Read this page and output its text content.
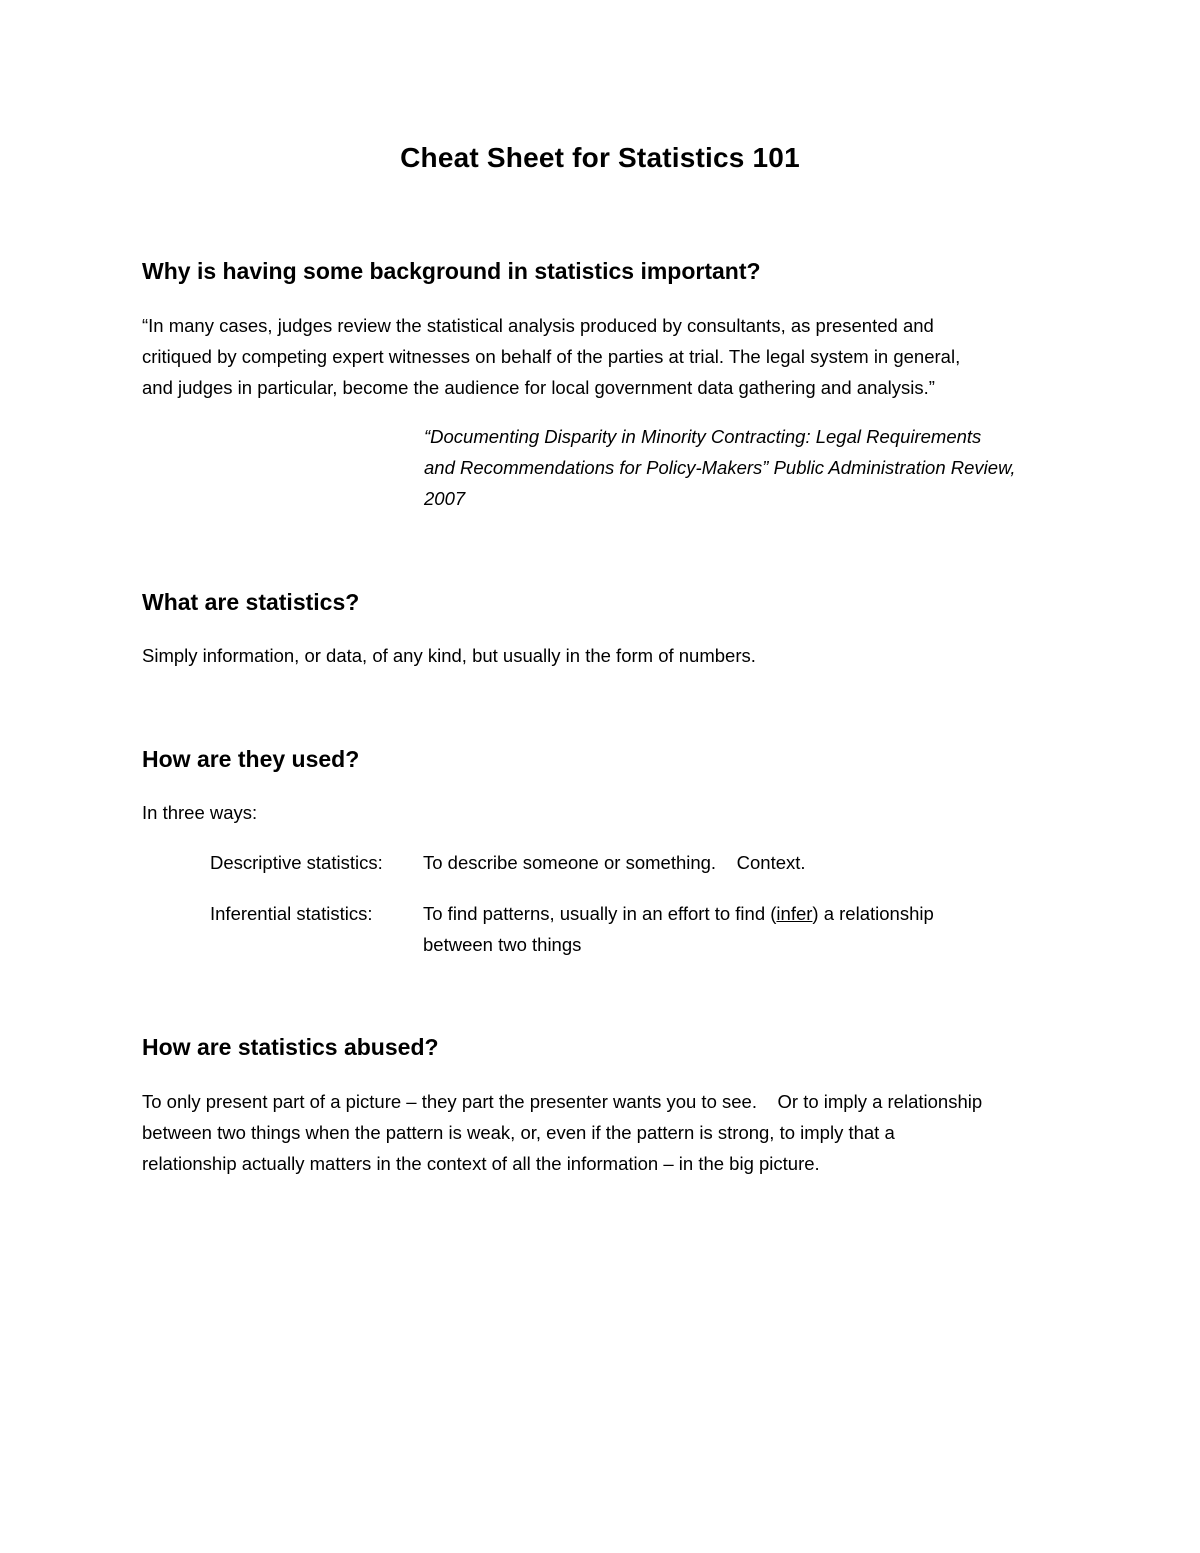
Cheat Sheet for Statistics 101
Why is having some background in statistics important?
“In many cases, judges review the statistical analysis produced by consultants, as presented and
critiqued by competing expert witnesses on behalf of the parties at trial. The legal system in general,
and judges in particular, become the audience for local government data gathering and analysis.”
“Documenting Disparity in Minority Contracting: Legal Requirements
and Recommendations for Policy-Makers” Public Administration Review,
2007
What are statistics?
Simply information, or data, of any kind, but usually in the form of numbers.
How are they used?
In three ways:
Descriptive statistics: To describe someone or something.    Context.
Inferential statistics:	To find patterns, usually in an effort to find (infer) a relationship
between two things
How are statistics abused?
To only present part of a picture – they part the presenter wants you to see.    Or to imply a relationship
between two things when the pattern is weak, or, even if the pattern is strong, to imply that a
relationship actually matters in the context of all the information – in the big picture.
